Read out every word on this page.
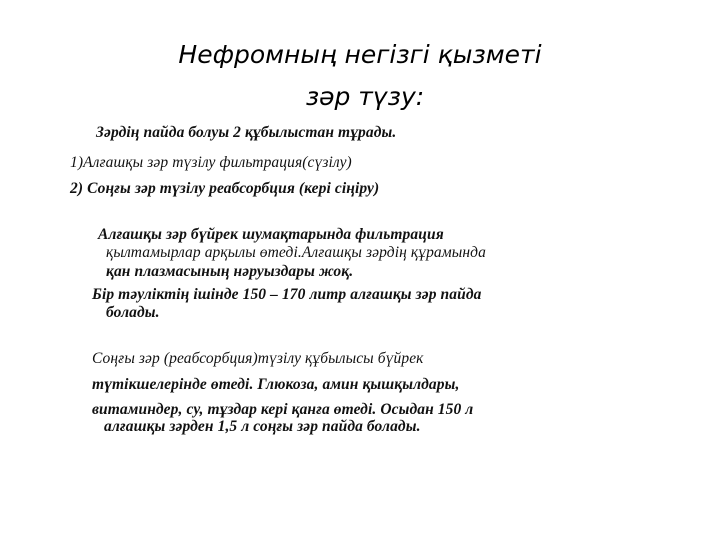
Нефромның негізгі қызметі
зәр түзу:
Зәрдің пайда болуы 2 құбылыстан тұрады.
1)Алғашқы зәр түзілу фильтрация(сүзілу)
2) Соңғы зәр түзілу реабсорбция (кері сіңіру)
Алғашқы зәр бүйрек шумақтарында фильтрация
қылтамырлар арқылы өтеді.Алғашқы зәрдің құрамында
қан плазмасының нәруыздары жоқ.
Бір тәуліктің ішінде 150 – 170 литр алғашқы зәр пайда
болады.
Соңғы зәр (реабсорбция)түзілу құбылысы бүйрек
түтікшелерінде өтеді. Глюкоза, амин қышқылдары,
витаминдер, су, тұздар кері қанға өтеді. Осыдан 150 л
алғашқы зәрден 1,5 л соңғы зәр пайда болады.
